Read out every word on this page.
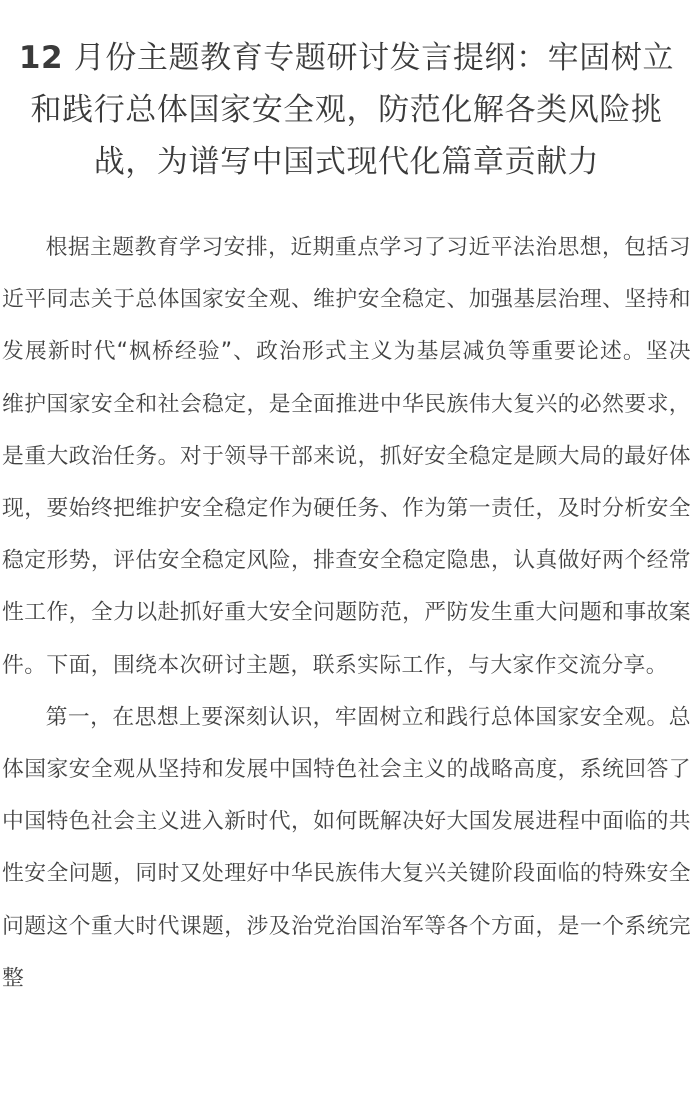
12 月份主题教育专题研讨发言提纲：牢固树立和践行总体国家安全观，防范化解各类风险挑战，为谱写中国式现代化篇章贡献力

根据主题教育学习安排，近期重点学习了习近平法治思想，包括习近平同志关于总体国家安全观、维护安全稳定、加强基层治理、坚持和发展新时代“枫桥经验”、政治形式主义为基层减负等重要论述。坚决维护国家安全和社会稳定，是全面推进中华民族伟大复兴的必然要求，是重大政治任务。对于领导干部来说，抓好安全稳定是顾大局的最好体现，要始终把维护安全稳定作为硬任务、作为第一责任，及时分析安全稳定形势，评估安全稳定风险，排查安全稳定隐患，认真做好两个经常性工作，全力以赴抓好重大安全问题防范，严防发生重大问题和事故案件。下面，围绕本次研讨主题，联系实际工作，与大家作交流分享。

第一，在思想上要深刻认识，牢固树立和践行总体国家安全观。总体国家安全观从坚持和发展中国特色社会主义的战略高度，系统回答了中国特色社会主义进入新时代，如何既解决好大国发展进程中面临的共性安全问题，同时又处理好中华民族伟大复兴关键阶段面临的特殊安全问题这个重大时代课题，涉及治党治国治军等各个方面，是一个系统完整
